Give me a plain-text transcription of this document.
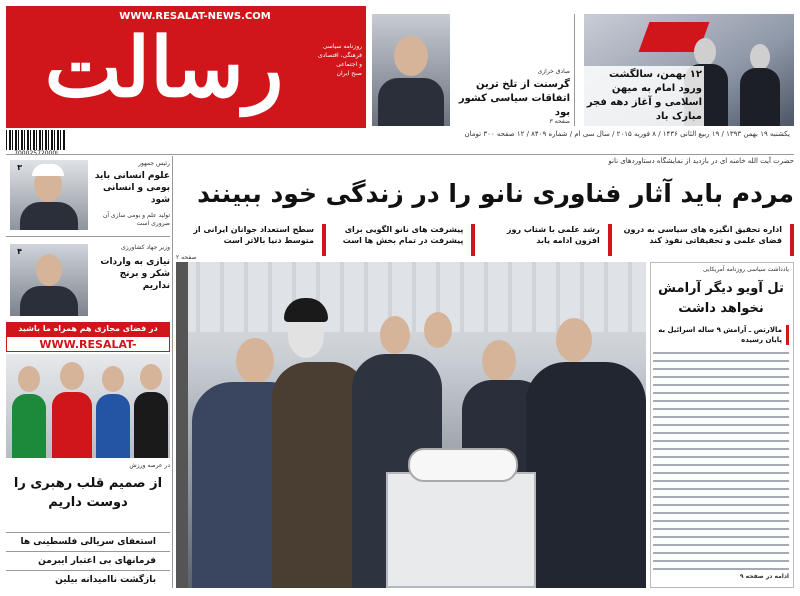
WWW.RESALAT-NEWS.COM
رسالت	روزنامه سیاسی
فرهنگی، اقتصادی و اجتماعی
صبح ایران
یکشنبه ۱۹ بهمن ۱۳۹۳ / ۱۹ ربیع الثانی ۱۴۳۶ / ۸ فوریه ۲۰۱۵ / سال سی ام / شماره ۸۴۰۹ / ۱۲ صفحه ۳۰۰ تومان
صادق خرازی
گرسنت از تلخ ترین اتفاقات سیاسی کشور بود
صفحه ۳
۱۲ بهمن، سالگشت ورود امام به میهن اسلامی و آغاز دهه فجر مبارک باد
حضرت آیت الله خامنه ای در بازدید از نمایشگاه دستاوردهای نانو
مردم باید آثار فناوری نانو را در زندگی خود ببینند
اداره تحقیق انگیزه های سیاسی به درون فضای علمی و تحقیقاتی نفوذ کند
رشد علمی با شتاب روز افزون ادامه یابد
پیشرفت های نانو الگویی برای پیشرفت در تمام بخش ها است
سطح استعداد جوانان ایرانی از متوسط دنیا بالاتر است
صفحه ۲
یادداشت سیاسی روزنامه آمریکایی
تل آویو دیگر آرامش نخواهد داشت
مالارتص ـ آرامش ۹ ساله اسرائیل به پایان رسیده
ادامه در صفحه ۹
رئیس جمهور
علوم انسانی باید بومی و انسانی شود
تولید علم و بومی سازی آن ضروری است
۳
وزیر جهاد کشاورزی
نیازی به واردات شکر و برنج نداریم
۴
در فضای مجازی هم همراه ما باشید
WWW.RESALAT-
در عرصه ورزش
از صمیم قلب رهبری را دوست داریم
استعفای سریالی فلسطینی ها
فرمانهای بی اعتبار ایبرمن
بازگشت ناامیدانه بیلین
